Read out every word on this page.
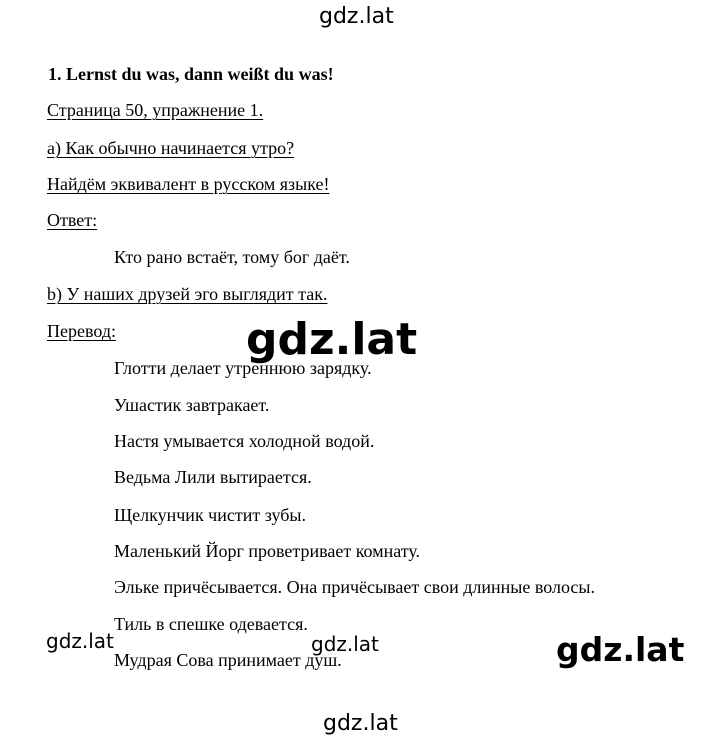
1. Lernst du was, dann weißt du was!
Страница 50, упражнение 1.
а) Как обычно начинается утро?
Найдём эквивалент в русском языке!
Ответ:
Кто рано встаёт, тому бог даёт.
b) У наших друзей эго выглядит так.
Перевод:
Глотти делает утреннюю зарядку.
Ушастик завтракает.
Настя умывается холодной водой.
Ведьма Лили вытирается.
Щелкунчик чистит зубы.
Маленький Йорг проветривает комнату.
Эльке причёсывается. Она причёсывает свои длинные волосы.
Тиль в спешке одевается.
Мудрая Сова принимает душ.
gdz.lat
gdz.lat
gdz.lat	gdz.lat	gdz.lat
gdz.lat
